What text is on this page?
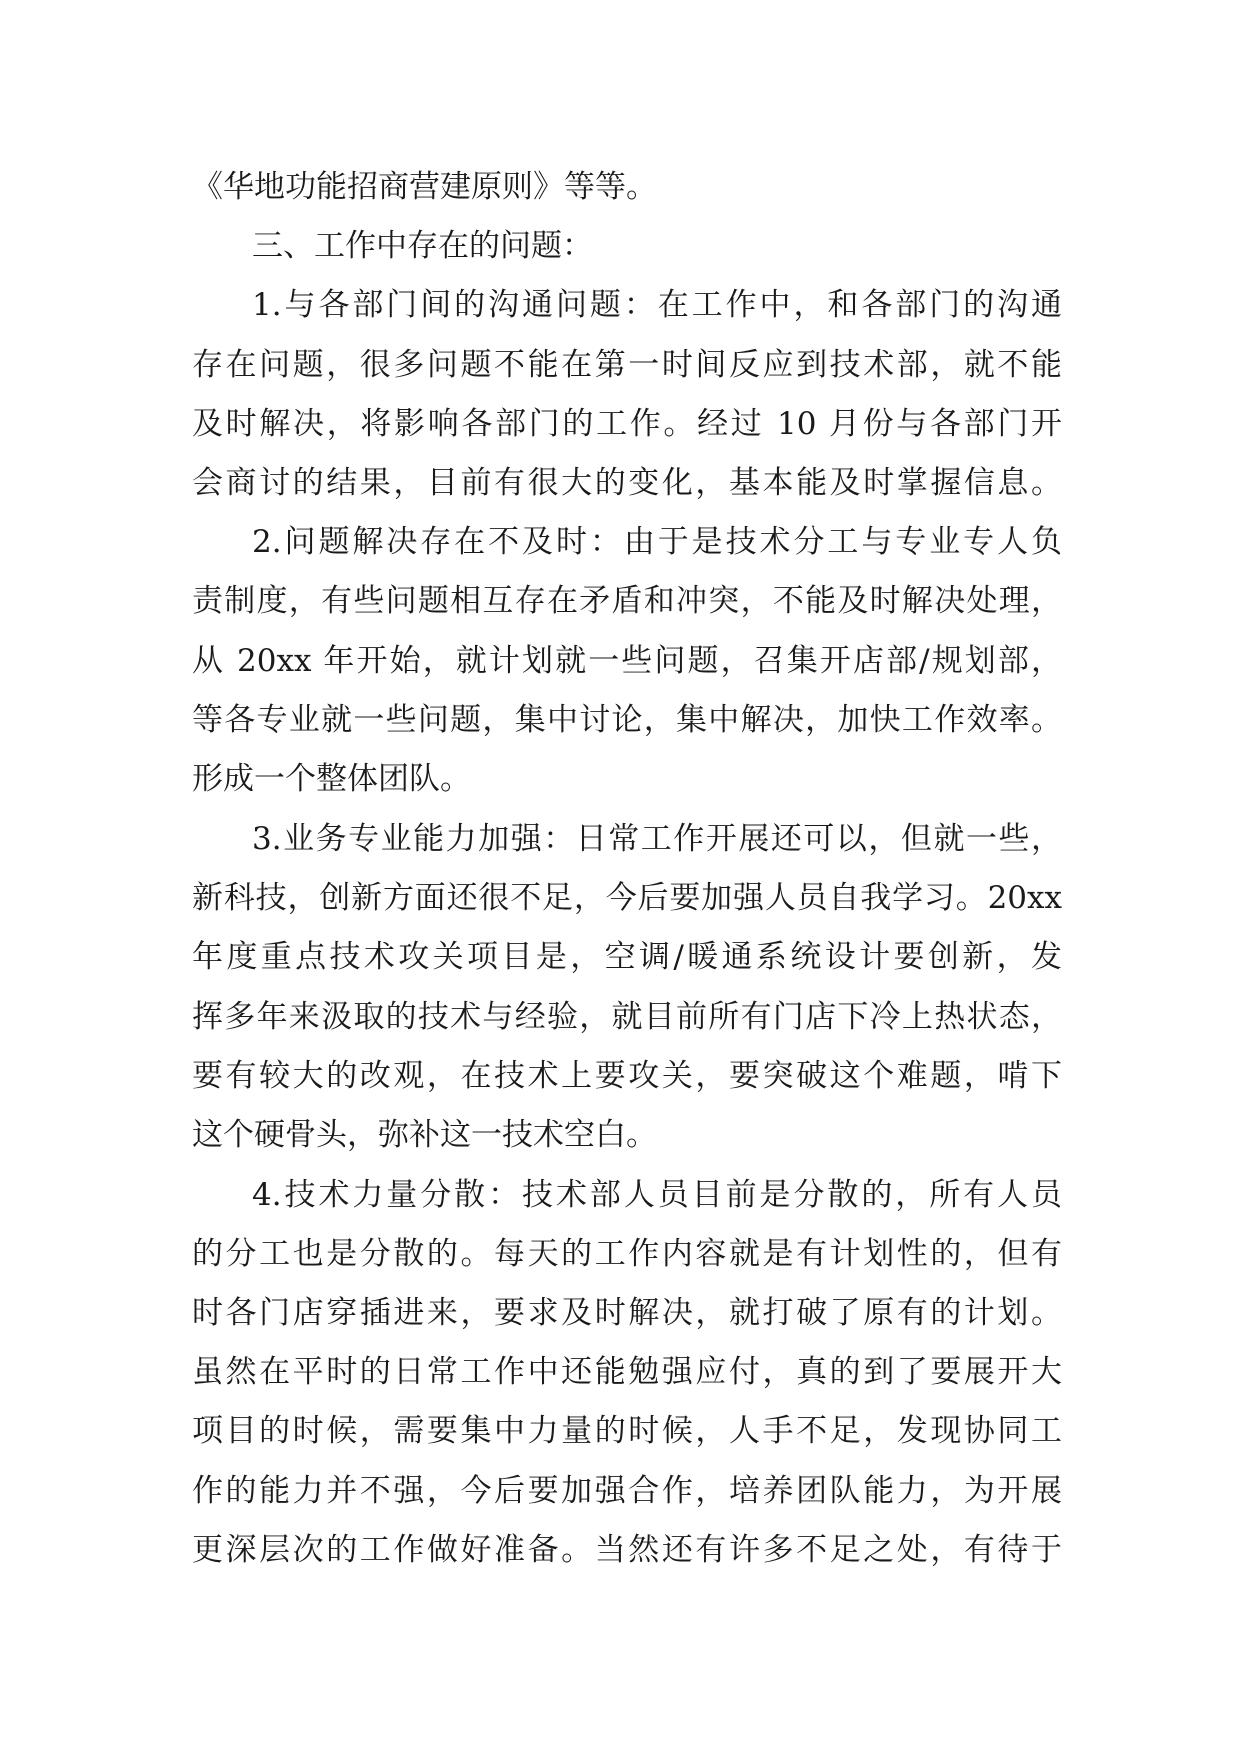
《华地功能招商营建原则》等等。
三、工作中存在的问题：
1.与各部门间的沟通问题：在工作中，和各部门的沟通
存在问题，很多问题不能在第一时间反应到技术部，就不能
及时解决，将影响各部门的工作。经过 10 月份与各部门开
会商讨的结果，目前有很大的变化，基本能及时掌握信息。
2.问题解决存在不及时：由于是技术分工与专业专人负
责制度，有些问题相互存在矛盾和冲突，不能及时解决处理，
从 20xx 年开始，就计划就一些问题，召集开店部/规划部，
等各专业就一些问题，集中讨论，集中解决，加快工作效率。
形成一个整体团队。
3.业务专业能力加强：日常工作开展还可以，但就一些，
新科技，创新方面还很不足，今后要加强人员自我学习。20xx
年度重点技术攻关项目是，空调/暖通系统设计要创新，发
挥多年来汲取的技术与经验，就目前所有门店下冷上热状态，
要有较大的改观，在技术上要攻关，要突破这个难题，啃下
这个硬骨头，弥补这一技术空白。
4.技术力量分散：技术部人员目前是分散的，所有人员
的分工也是分散的。每天的工作内容就是有计划性的，但有
时各门店穿插进来，要求及时解决，就打破了原有的计划。
虽然在平时的日常工作中还能勉强应付，真的到了要展开大
项目的时候，需要集中力量的时候，人手不足，发现协同工
作的能力并不强，今后要加强合作，培养团队能力，为开展
更深层次的工作做好准备。当然还有许多不足之处，有待于
